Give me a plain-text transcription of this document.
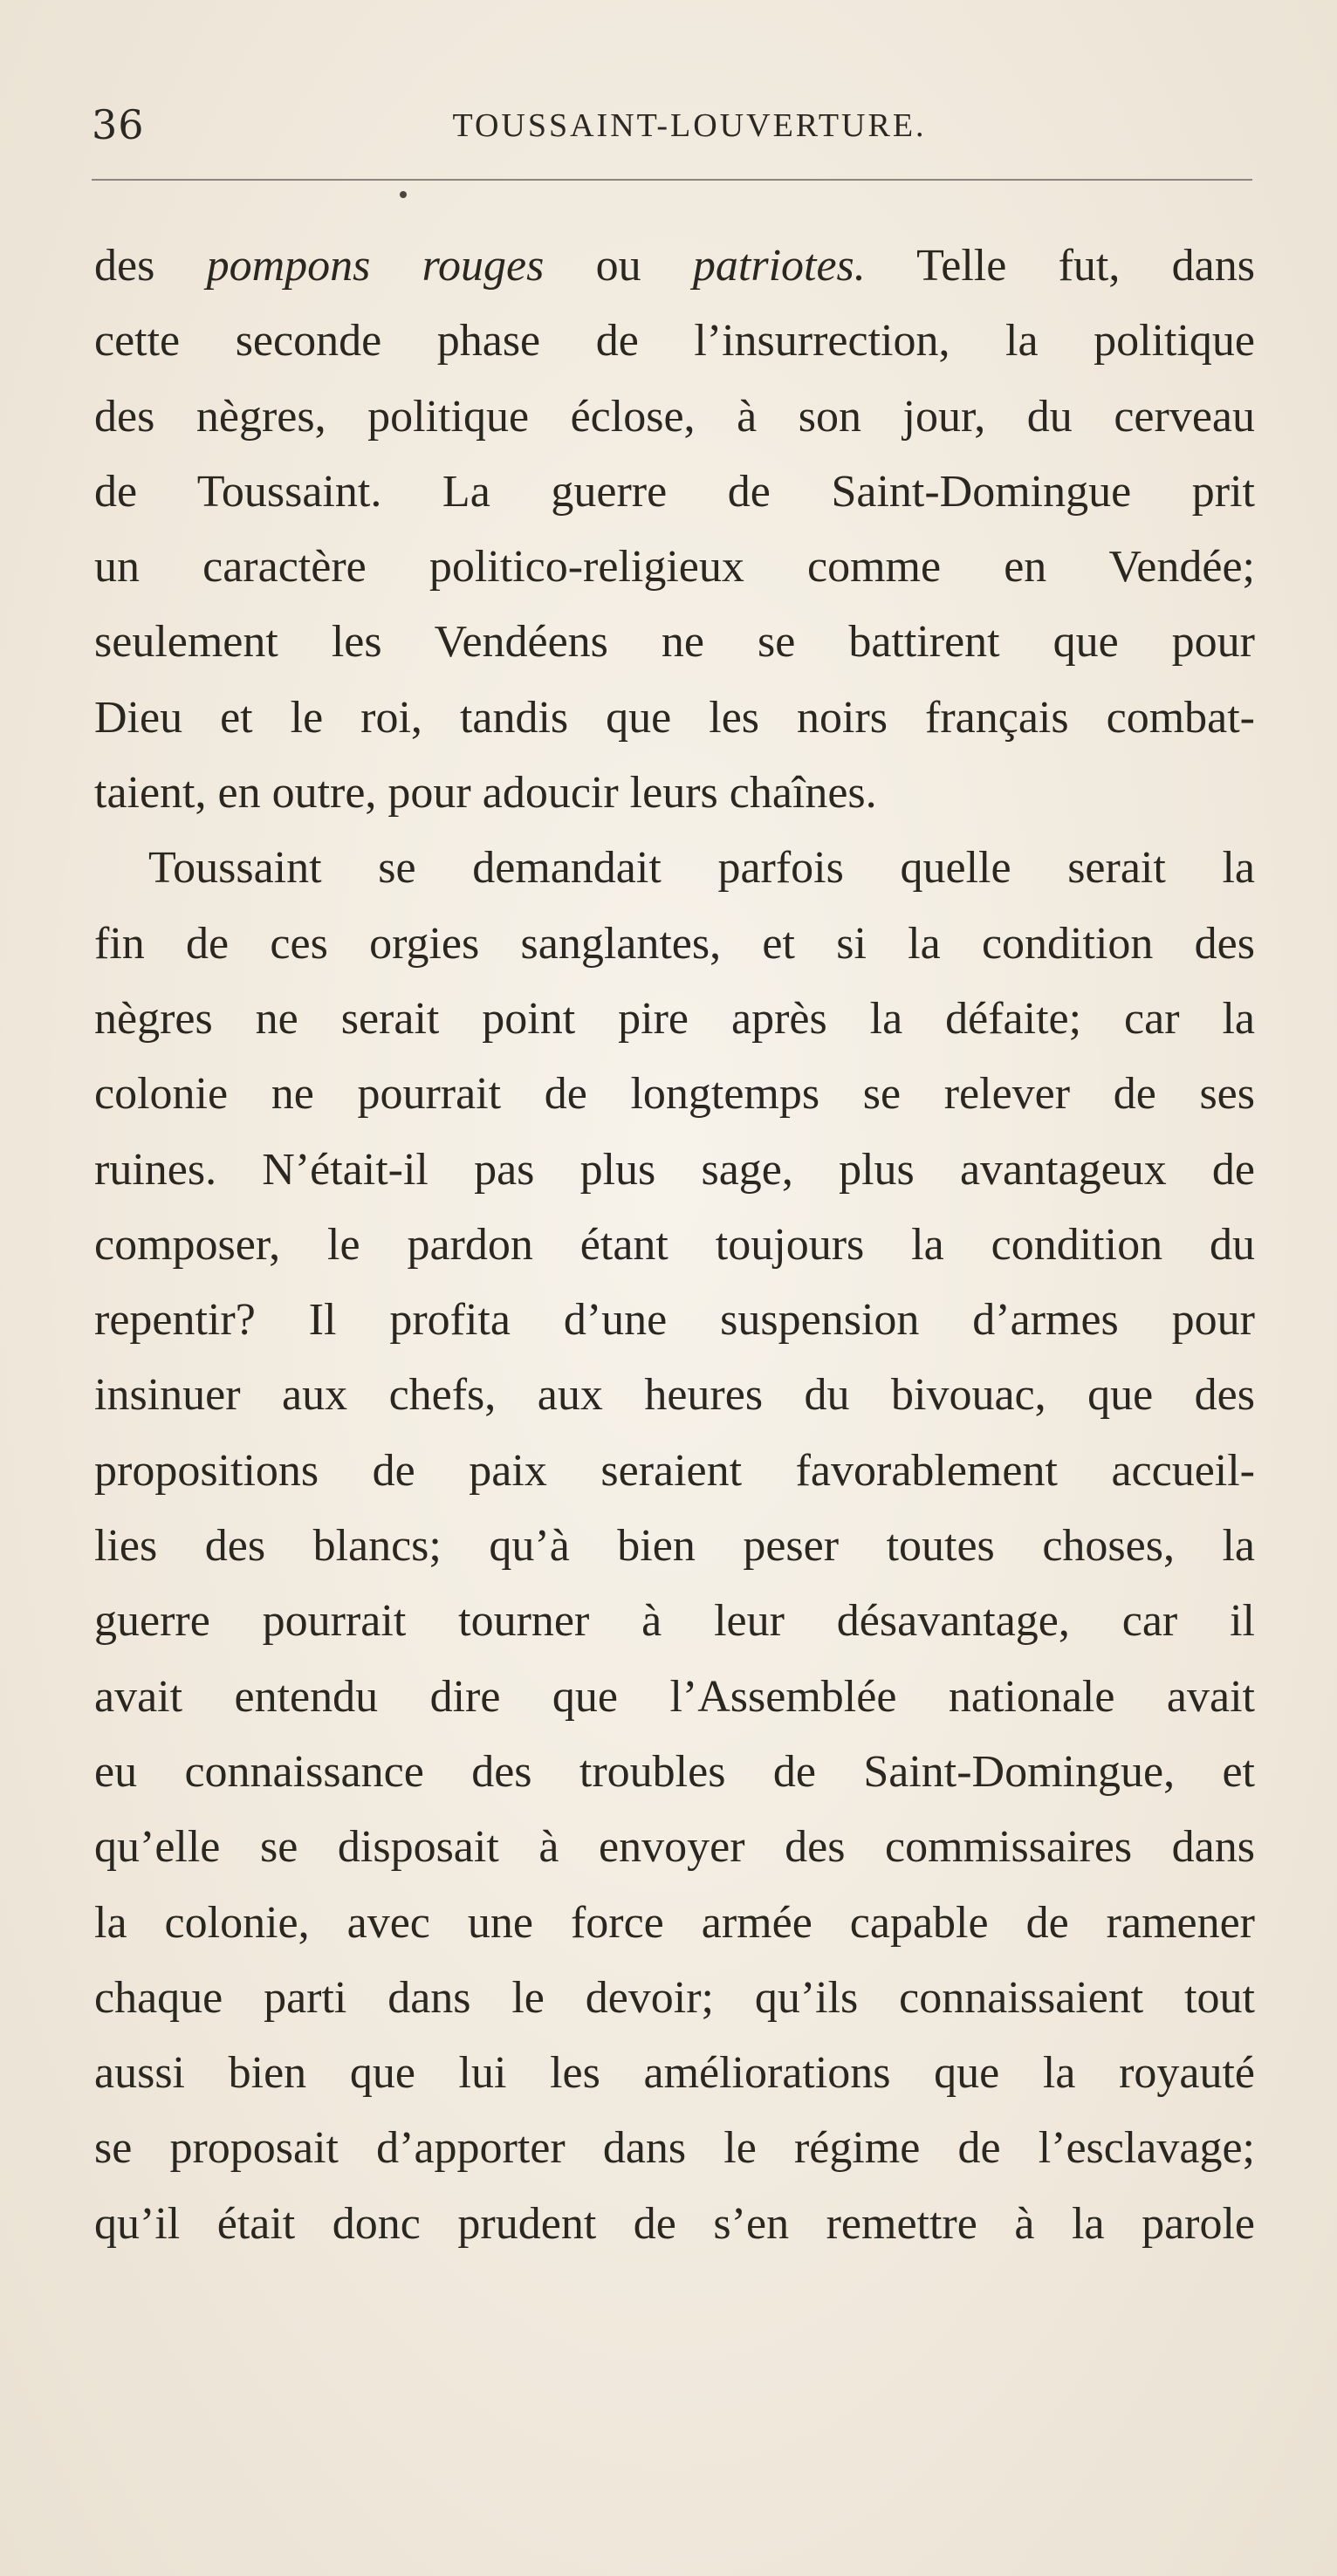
36	TOUSSAINT-LOUVERTURE.
des pompons rouges ou patriotes. Telle fut, dans
cette seconde phase de l’insurrection, la politique
des nègres, politique éclose, à son jour, du cerveau
de Toussaint. La guerre de Saint-Domingue prit
un caractère politico-religieux comme en Vendée;
seulement les Vendéens ne se battirent que pour
Dieu et le roi, tandis que les noirs français combat-
taient, en outre, pour adoucir leurs chaînes.
Toussaint se demandait parfois quelle serait la
fin de ces orgies sanglantes, et si la condition des
nègres ne serait point pire après la défaite; car la
colonie ne pourrait de longtemps se relever de ses
ruines. N’était-il pas plus sage, plus avantageux de
composer, le pardon étant toujours la condition du
repentir? Il profita d’une suspension d’armes pour
insinuer aux chefs, aux heures du bivouac, que des
propositions de paix seraient favorablement accueil-
lies des blancs; qu’à bien peser toutes choses, la
guerre pourrait tourner à leur désavantage, car il
avait entendu dire que l’Assemblée nationale avait
eu connaissance des troubles de Saint-Domingue, et
qu’elle se disposait à envoyer des commissaires dans
la colonie, avec une force armée capable de ramener
chaque parti dans le devoir; qu’ils connaissaient tout
aussi bien que lui les améliorations que la royauté
se proposait d’apporter dans le régime de l’esclavage;
qu’il était donc prudent de s’en remettre à la parole
